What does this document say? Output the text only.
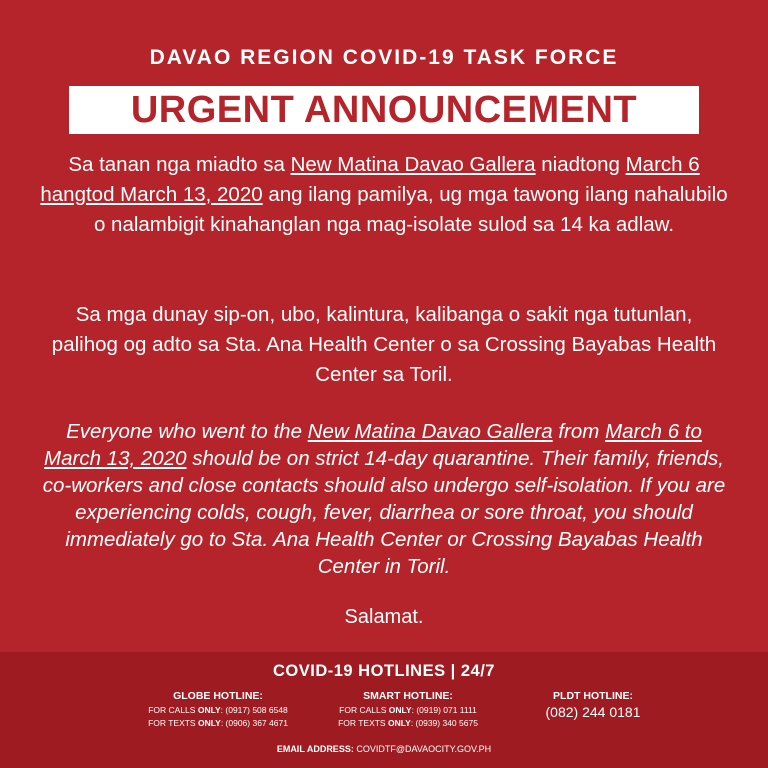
DAVAO REGION COVID-19 TASK FORCE
URGENT ANNOUNCEMENT
Sa tanan nga miadto sa New Matina Davao Gallera niadtong March 6 hangtod March 13, 2020 ang ilang pamilya, ug mga tawong ilang nahalubilo o nalambigit kinahanglan nga mag-isolate sulod sa 14 ka adlaw.
Sa mga dunay sip-on, ubo, kalintura, kalibanga o sakit nga tutunlan, palihog og adto sa Sta. Ana Health Center o sa Crossing Bayabas Health Center sa Toril.
Everyone who went to the New Matina Davao Gallera from March 6 to March 13, 2020 should be on strict 14-day quarantine. Their family, friends, co-workers and close contacts should also undergo self-isolation. If you are experiencing colds, cough, fever, diarrhea or sore throat, you should immediately go to Sta. Ana Health Center or Crossing Bayabas Health Center in Toril.
Salamat.
COVID-19 HOTLINES | 24/7
GLOBE HOTLINE:
FOR CALLS ONLY: (0917) 508 6548
FOR TEXTS ONLY: (0906) 367 4671
SMART HOTLINE:
FOR CALLS ONLY: (0919) 071 1111
FOR TEXTS ONLY: (0939) 340 5675
PLDT HOTLINE:
(082) 244 0181
EMAIL ADDRESS: COVIDTF@DAVAOCITY.GOV.PH
